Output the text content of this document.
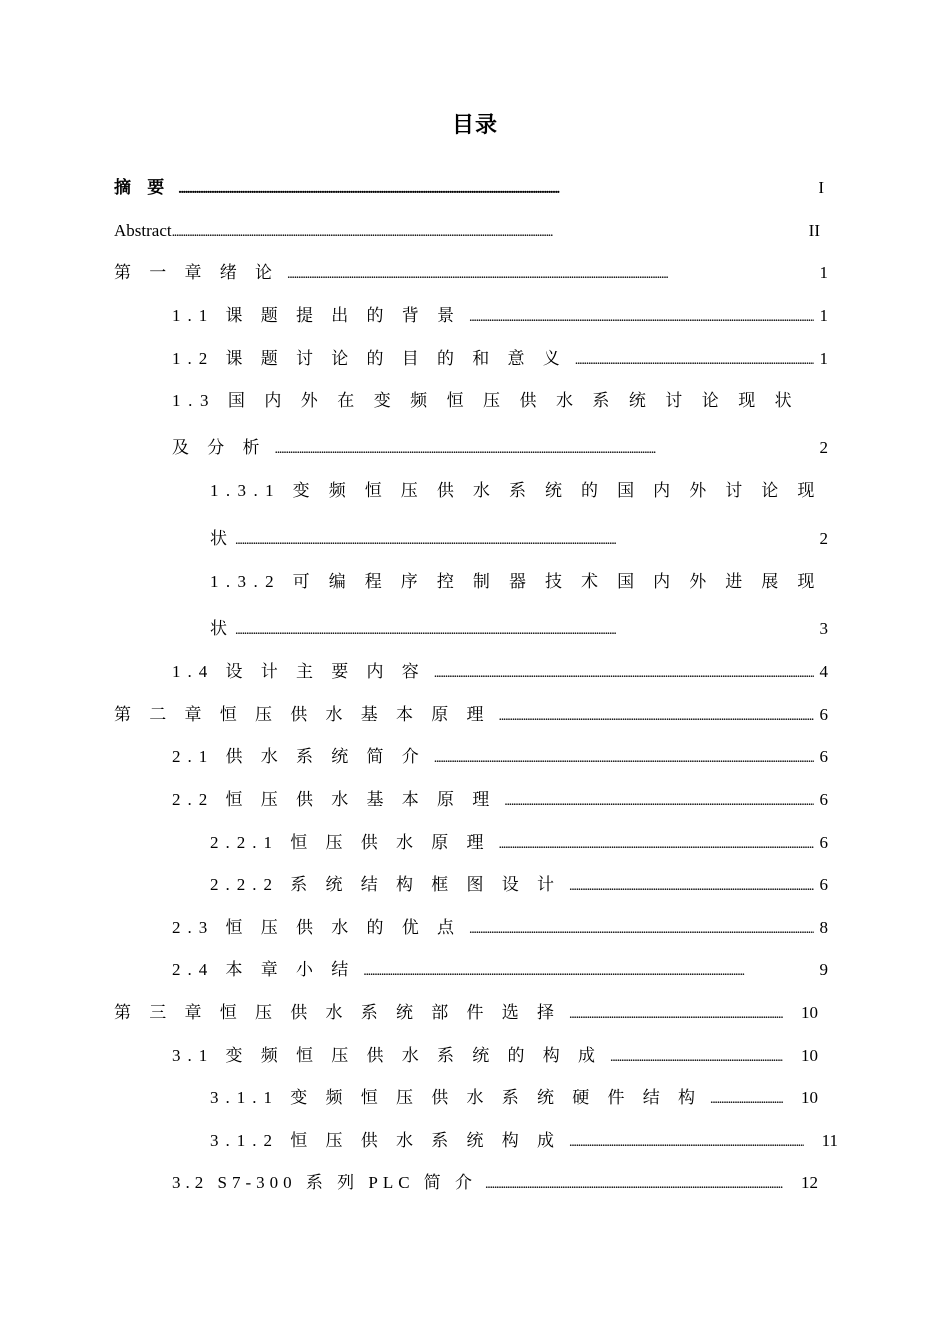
目录
摘 要 . . .	I
Abstract . . .	II
第 一 章 绪 论 . . .	1
1.1 课 题 提 出 的 背 景 . . .	1
1.2 课 题 讨 论 的 目 的 和 意 义 . . .	1
1.3 国 内 外 在 变 频 恒 压 供 水 系 统 讨 论 现 状
及 分 析 . . .	2
1.3.1 变 频 恒 压 供 水 系 统 的 国 内 外 讨 论 现
状 . . .	2
1.3.2 可 编 程 序 控 制 器 技 术 国 内 外 进 展 现
状 . . .	3
1.4 设 计 主 要 内 容 . . .	4
第 二 章 恒 压 供 水 基 本 原 理 . . .	6
2.1 供 水 系 统 简 介 . . .	6
2.2 恒 压 供 水 基 本 原 理 . . .	6
2.2.1 恒 压 供 水 原 理 . . .	6
2.2.2 系 统 结 构 框 图 设 计 . . .	6
2.3 恒 压 供 水 的 优 点 . . .	8
2.4 本 章 小 结 . . .	9
第 三 章 恒 压 供 水 系 统 部 件 选 择 . . .	10
3.1 变 频 恒 压 供 水 系 统 的 构 成 . . .	10
3.1.1 变 频 恒 压 供 水 系 统 硬 件 结 构 . . .	10
3.1.2 恒 压 供 水 系 统 构 成 . . .	11
3.2 S7-300 系 列 PLC 简 介 . . .	12
